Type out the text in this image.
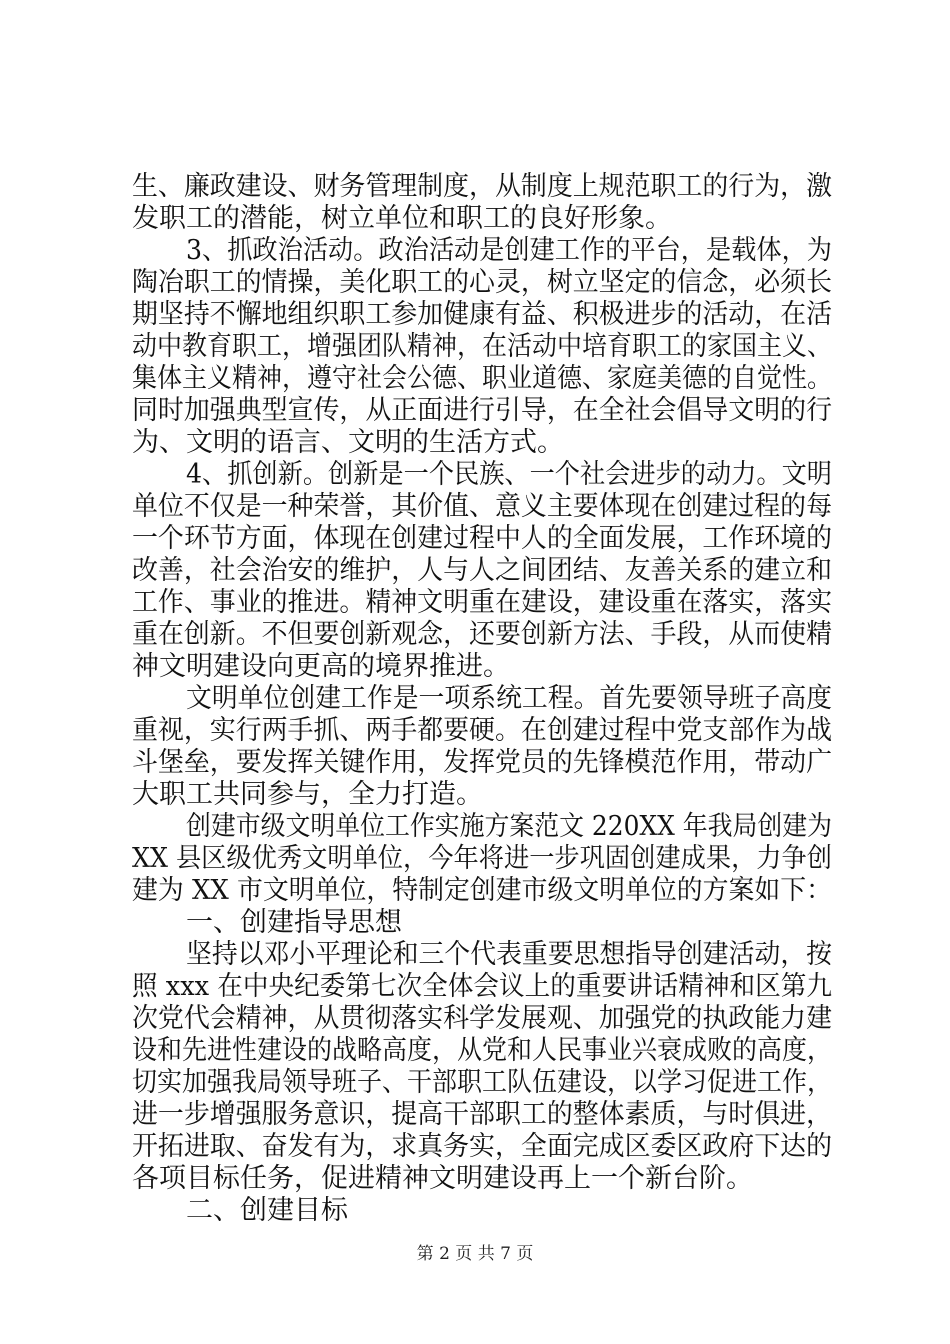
生、廉政建设、财务管理制度，从制度上规范职工的行为，激
发职工的潜能，树立单位和职工的良好形象。
3、抓政治活动。政治活动是创建工作的平台，是载体，为
陶冶职工的情操，美化职工的心灵，树立坚定的信念，必须长
期坚持不懈地组织职工参加健康有益、积极进步的活动，在活
动中教育职工，增强团队精神，在活动中培育职工的家国主义、
集体主义精神，遵守社会公德、职业道德、家庭美德的自觉性。
同时加强典型宣传，从正面进行引导，在全社会倡导文明的行
为、文明的语言、文明的生活方式。
4、抓创新。创新是一个民族、一个社会进步的动力。文明
单位不仅是一种荣誉，其价值、意义主要体现在创建过程的每
一个环节方面，体现在创建过程中人的全面发展，工作环境的
改善，社会治安的维护，人与人之间团结、友善关系的建立和
工作、事业的推进。精神文明重在建设，建设重在落实，落实
重在创新。不但要创新观念，还要创新方法、手段，从而使精
神文明建设向更高的境界推进。
文明单位创建工作是一项系统工程。首先要领导班子高度
重视，实行两手抓、两手都要硬。在创建过程中党支部作为战
斗堡垒，要发挥关键作用，发挥党员的先锋模范作用，带动广
大职工共同参与，全力打造。
创建市级文明单位工作实施方案范文 220XX 年我局创建为
XX 县区级优秀文明单位，今年将进一步巩固创建成果，力争创
建为 XX 市文明单位，特制定创建市级文明单位的方案如下：
一、创建指导思想
坚持以邓小平理论和三个代表重要思想指导创建活动，按
照 xxx 在中央纪委第七次全体会议上的重要讲话精神和区第九
次党代会精神，从贯彻落实科学发展观、加强党的执政能力建
设和先进性建设的战略高度，从党和人民事业兴衰成败的高度，
切实加强我局领导班子、干部职工队伍建设，以学习促进工作，
进一步增强服务意识，提高干部职工的整体素质，与时俱进，
开拓进取、奋发有为，求真务实，全面完成区委区政府下达的
各项目标任务，促进精神文明建设再上一个新台阶。
二、创建目标
第 2 页 共 7 页
